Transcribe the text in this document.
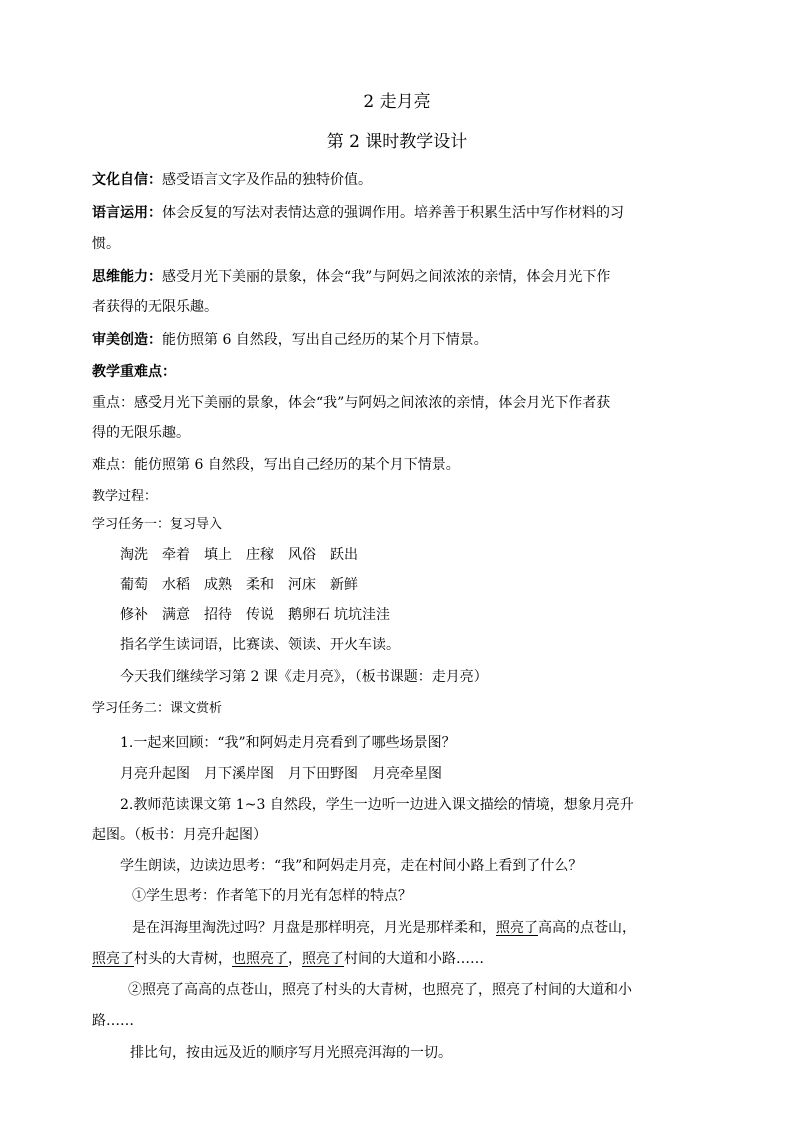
2 走月亮
第 2 课时教学设计
文化自信：感受语言文字及作品的独特价值。
语言运用：体会反复的写法对表情达意的强调作用。培养善于积累生活中写作材料的习
惯。
思维能力：感受月光下美丽的景象，体会“我”与阿妈之间浓浓的亲情，体会月光下作
者获得的无限乐趣。
审美创造：能仿照第 6 自然段，写出自己经历的某个月下情景。
教学重难点：
重点：感受月光下美丽的景象，体会“我”与阿妈之间浓浓的亲情，体会月光下作者获
得的无限乐趣。
难点：能仿照第 6 自然段，写出自己经历的某个月下情景。
教学过程：
学习任务一：复习导入
淘洗 牵着 填上 庄稼 风俗 跃出
葡萄 水稻 成熟 柔和 河床 新鲜
修补 满意 招待 传说 鹅卵石 坑坑洼洼
指名学生读词语，比赛读、领读、开火车读。
今天我们继续学习第 2 课《走月亮》，（板书课题：走月亮）
学习任务二：课文赏析
1.一起来回顾：“我”和阿妈走月亮看到了哪些场景图？
月亮升起图 月下溪岸图 月下田野图 月亮牵星图
2.教师范读课文第 1~3 自然段，学生一边听一边进入课文描绘的情境，想象月亮升
起图。（板书：月亮升起图）
学生朗读，边读边思考：“我”和阿妈走月亮，走在村间小路上看到了什么？
①学生思考：作者笔下的月光有怎样的特点？
是在洱海里淘洗过吗？月盘是那样明亮，月光是那样柔和，照亮了高高的点苍山，
照亮了村头的大青树，也照亮了，照亮了村间的大道和小路……
②照亮了高高的点苍山，照亮了村头的大青树，也照亮了，照亮了村间的大道和小
路……
排比句，按由远及近的顺序写月光照亮洱海的一切。
